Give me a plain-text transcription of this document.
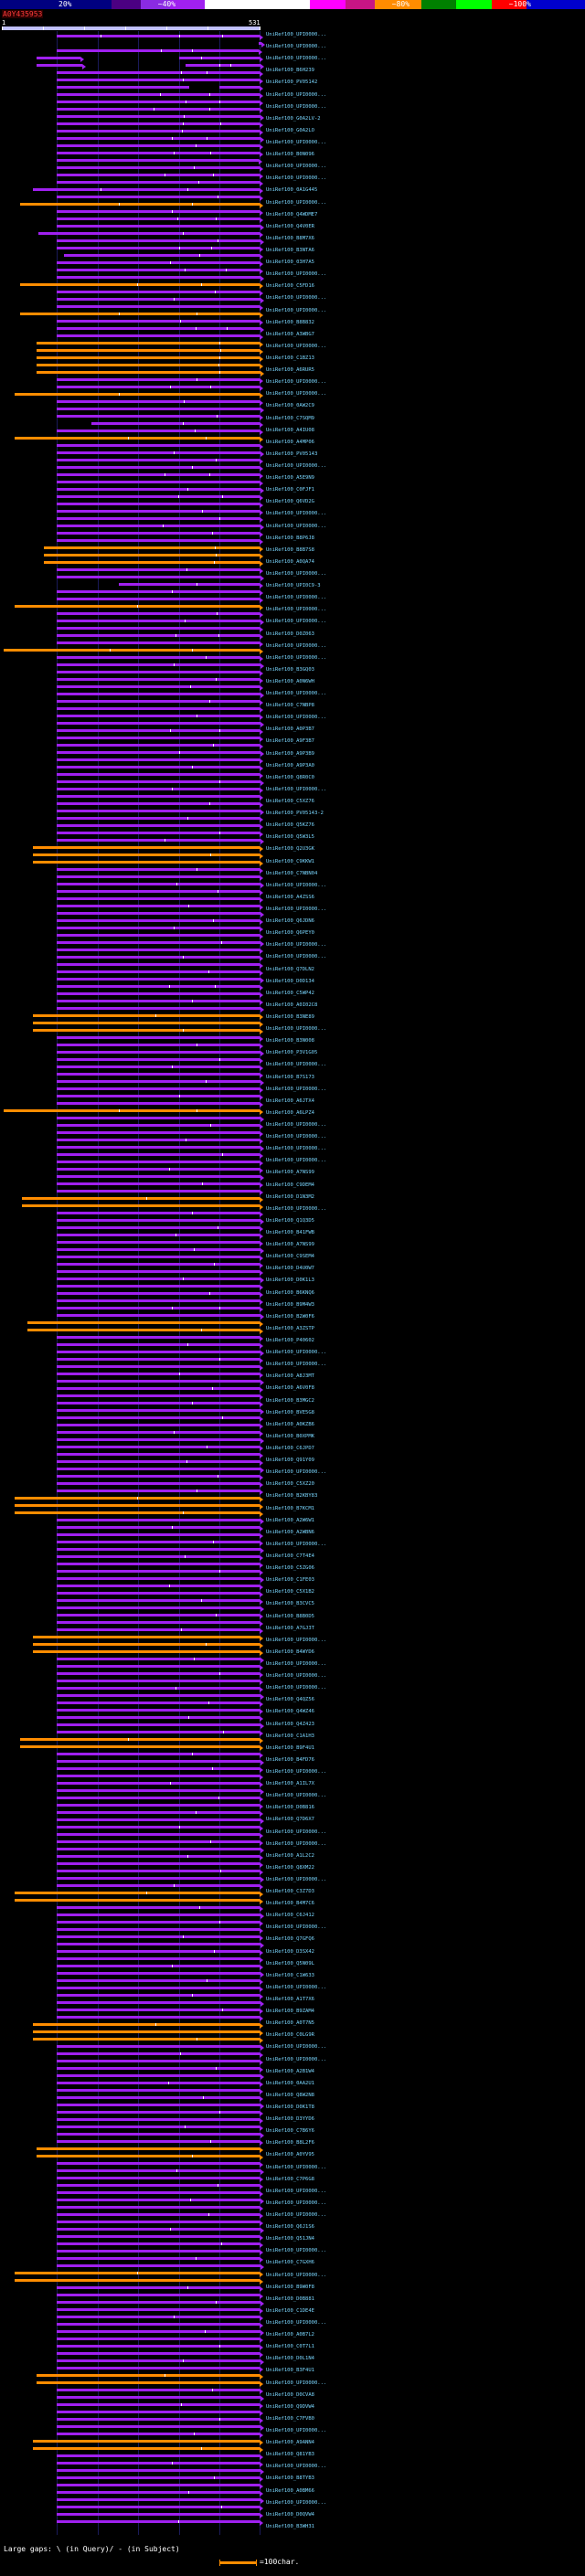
20%	~40%	~60%	~80%	~100%
A0Y435953
1	531
UniRef100_UPI0000...
UniRef100_UPI0000...
UniRef100_UPI0000...
UniRef100_B6H239
UniRef100_PV05142
UniRef100_UPI0000...
UniRef100_UPI0000...
UniRef100_G0A2LV-2
UniRef100_G0A2LO
UniRef100_UPI0000...
UniRef100_B0N096
UniRef100_UPI0000...
UniRef100_UPI0000...
UniRef100_0A1G445
UniRef100_UPI0000...
UniRef100_Q4WDME7
UniRef100_Q4V0ER
UniRef100_B8M7X6
UniRef100_B3NTA6
UniRef100_03H7A5
UniRef100_UPI0000...
UniRef100_C5FD16
UniRef100_UPI0000...
UniRef100_UPI0000...
UniRef100_B8B832
UniRef100_A3WBG7
UniRef100_UPI0000...
UniRef100_C1BZ13
UniRef100_A6RUR5
UniRef100_UPI0000...
UniRef100_UPI0000...
UniRef100_0AW2C9
UniRef100_C7SQM9
UniRef100_A4IU08
UniRef100_A4MP06
UniRef100_PV05143
UniRef100_UPI0000...
UniRef100_A5E9N9
UniRef100_C0FJF1
UniRef100_Q6VD2G
UniRef100_UPI0000...
UniRef100_UPI0000...
UniRef100_B8P6J8
UniRef100_B8B7S8
UniRef100_A0QA74
UniRef100_UPI0000...
UniRef100_UPI0C9-3
UniRef100_UPI0000...
UniRef100_UPI0000...
UniRef100_UPI0000...
UniRef100_D0Z063
UniRef100_UPI0000...
UniRef100_UPI0000...
UniRef100_B3GQ03
UniRef100_A0N6WH
UniRef100_UPI0000...
UniRef100_C7NBP8
UniRef100_UPI0000...
UniRef100_A0P3B7
UniRef100_A9F3B7
UniRef100_A9P3B9
UniRef100_A9P3A0
UniRef100_Q8R0C0
UniRef100_UPI0000...
UniRef100_C5XZ76
UniRef100_PV05143-2
UniRef100_Q5KZ76
UniRef100_Q5W3L5
UniRef100_Q2U3GK
UniRef100_C9KKW1
UniRef100_C7NBN04
UniRef100_UPI0000...
UniRef100_A4ZSS6
UniRef100_UPI0000...
UniRef100_Q6JDN6
UniRef100_Q6PEY0
UniRef100_UPI0000...
UniRef100_UPI0000...
UniRef100_Q7DLN2
UniRef100_D0D134
UniRef100_C5WP42
UniRef100_A0I02C8
UniRef100_B3NE89
UniRef100_UPI0000...
UniRef100_B3N008
UniRef100_P3V1G05
UniRef100_UPI0000...
UniRef100_B7S173
UniRef100_UPI0000...
UniRef100_A6JTX4
UniRef100_A6LPZ4
UniRef100_UPI0000...
UniRef100_UPI0000...
UniRef100_UPI0000...
UniRef100_UPI0000...
UniRef100_A7NS99
UniRef100_C9DEM4
UniRef100_D1N3M2
UniRef100_UPI0000...
UniRef100_Q1Q3D5
UniRef100_B41FWB
UniRef100_A7NS99
UniRef100_C9SEM4
UniRef100_D4U0W7
UniRef100_D0K1L3
UniRef100_B6KNQ6
UniRef100_B9M4W3
UniRef100_B2W0F6
UniRef100_A3ZSTP
UniRef100_P40602
UniRef100_UPI0000...
UniRef100_UPI0000...
UniRef100_A8J3MT
UniRef100_A6V0F8
UniRef100_B3MGC2
UniRef100_BVE5G8
UniRef100_A0KZB6
UniRef100_B0XPMK
UniRef100_C6JPD7
UniRef100_Q91Y09
UniRef100_UPI0000...
UniRef100_C5XZ20
UniRef100_B2KBY83
UniRef100_B7KCM1
UniRef100_A2W6W1
UniRef100_A2WBN6
UniRef100_UPI0000...
UniRef100_C7T4E4
UniRef100_C5ZG06
UniRef100_C1FE03
UniRef100_C5X1B2
UniRef100_B3CVC5
UniRef100_B8B0D5
UniRef100_A7GJ3T
UniRef100_UPI0000...
UniRef100_B4WYD6
UniRef100_UPI0000...
UniRef100_UPI0000...
UniRef100_UPI0000...
UniRef100_Q4QZ56
UniRef100_Q4WZ46
UniRef100_Q4Z423
UniRef100_C1A1H3
UniRef100_B9F4U1
UniRef100_B4FD76
UniRef100_UPI0000...
UniRef100_A1IL7X
UniRef100_UPI0000...
UniRef100_D0B816
UniRef100_Q7D6X7
UniRef100_UPI0000...
UniRef100_UPI0000...
UniRef100_A1L2C2
UniRef100_Q8XM22
UniRef100_UPI0000...
UniRef100_C3Z7D3
UniRef100_B4M7C6
UniRef100_C6J412
UniRef100_UPI0000...
UniRef100_Q7GFQ6
UniRef100_D3SX42
UniRef100_Q5N09L
UniRef100_C1W633
UniRef100_UPI0000...
UniRef100_A1T7X6
UniRef100_B9ZAM4
UniRef100_A0T7N5
UniRef100_C0LG9R
UniRef100_UPI0000...
UniRef100_UPI0000...
UniRef100_A2B1W4
UniRef100_0AA2U1
UniRef100_Q8W2N8
UniRef100_D0K1T8
UniRef100_D3YYD6
UniRef100_C7B6Y6
UniRef100_B8L2F6
UniRef100_A0YV95
UniRef100_UPI0000...
UniRef100_C7P6G8
UniRef100_UPI0000...
UniRef100_UPI0000...
UniRef100_UPI0000...
UniRef100_Q6J1S6
UniRef100_Q51JN4
UniRef100_UPI0000...
UniRef100_C7GXH6
UniRef100_UPI0000...
UniRef100_B9W0F8
UniRef100_D0B881
UniRef100_C1DE4E
UniRef100_UPI0000...
UniRef100_A0B7L2
UniRef100_C0T7L1
UniRef100_D0L1N4
UniRef100_B3F4U1
UniRef100_UPI0000...
UniRef100_D0CVA8
UniRef100_Q9DVW4
UniRef100_C7FVB0
UniRef100_UPI0000...
UniRef100_A9ANN4
UniRef100_Q81YB3
UniRef100_UPI0000...
UniRef100_B8TYB3
UniRef100_A0BM66
UniRef100_UPI0000...
UniRef100_D0QVW4
UniRef100_B3WH31
Large gaps: \ (in Query)/ - (in Subject)
=100char.
